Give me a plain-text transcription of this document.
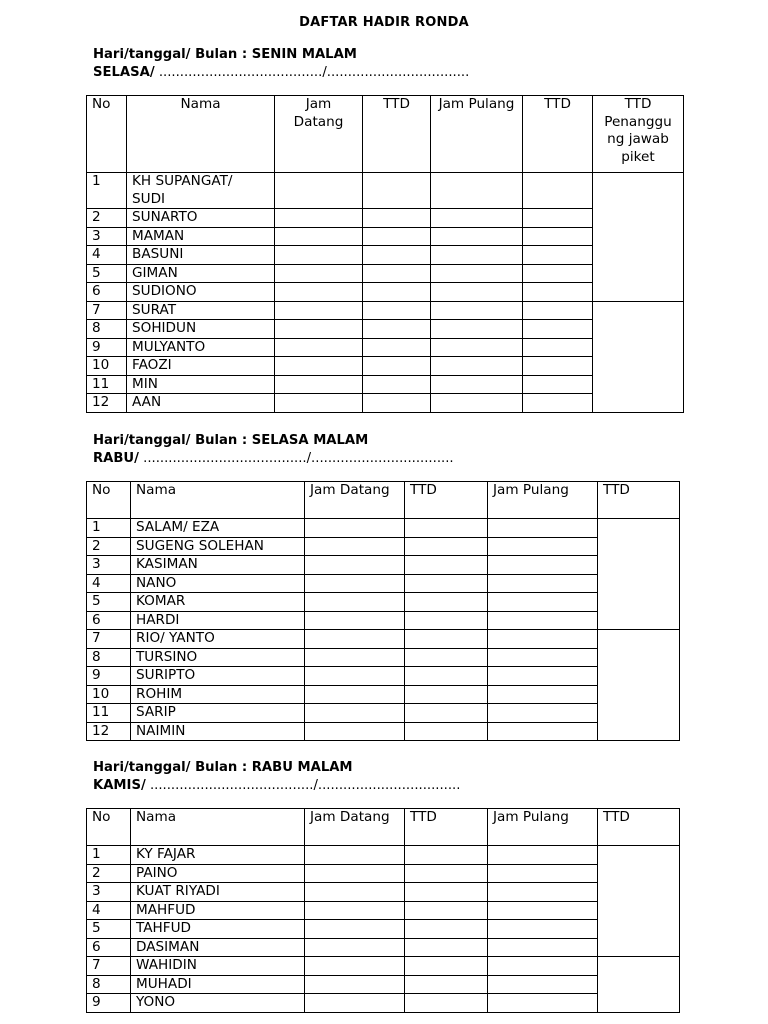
DAFTAR HADIR RONDA
Hari/tanggal/ Bulan : SENIN MALAM
SELASA/ ......................................./..................................
No	Nama	Jam Datang	TTD	Jam Pulang	TTD	TTD Penanggu ng jawab piket
1	KH SUPANGAT/ SUDI					
2	SUNARTO					
3	MAMAN					
4	BASUNI					
5	GIMAN					
6	SUDIONO					
7	SURAT					
8	SOHIDUN					
9	MULYANTO					
10	FAOZI					
11	MIN					
12	AAN					
Hari/tanggal/ Bulan : SELASA MALAM
RABU/ ......................................./..................................
No	Nama	Jam Datang	TTD	Jam Pulang	TTD
1	SALAM/ EZA				
2	SUGENG SOLEHAN				
3	KASIMAN				
4	NANO				
5	KOMAR				
6	HARDI				
7	RIO/ YANTO				
8	TURSINO				
9	SURIPTO				
10	ROHIM				
11	SARIP				
12	NAIMIN				
Hari/tanggal/ Bulan : RABU MALAM
KAMIS/ ......................................./..................................
No	Nama	Jam Datang	TTD	Jam Pulang	TTD
1	KY FAJAR				
2	PAINO				
3	KUAT RIYADI				
4	MAHFUD				
5	TAHFUD				
6	DASIMAN				
7	WAHIDIN				
8	MUHADI				
9	YONO				
